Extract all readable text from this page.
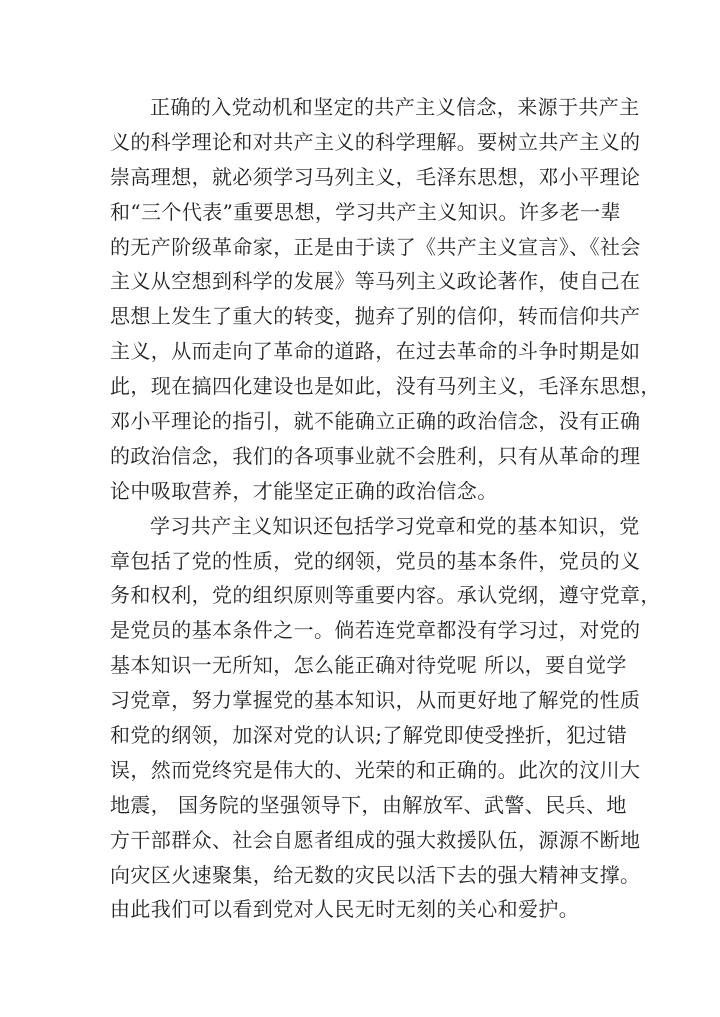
正确的入党动机和坚定的共产主义信念，来源于共产主
义的科学理论和对共产主义的科学理解。要树立共产主义的
崇高理想，就必须学习马列主义，毛泽东思想，邓小平理论
和“三个代表”重要思想，学习共产主义知识。许多老一辈
的无产阶级革命家，正是由于读了《共产主义宣言》、《社会
主义从空想到科学的发展》等马列主义政论著作，使自己在
思想上发生了重大的转变，抛弃了别的信仰，转而信仰共产
主义，从而走向了革命的道路，在过去革命的斗争时期是如
此，现在搞四化建设也是如此，没有马列主义，毛泽东思想，
邓小平理论的指引，就不能确立正确的政治信念，没有正确
的政治信念，我们的各项事业就不会胜利，只有从革命的理
论中吸取营养，才能坚定正确的政治信念。
学习共产主义知识还包括学习党章和党的基本知识，党
章包括了党的性质，党的纲领，党员的基本条件，党员的义
务和权利，党的组织原则等重要内容。承认党纲，遵守党章，
是党员的基本条件之一。倘若连党章都没有学习过，对党的
基本知识一无所知，怎么能正确对待党呢 所以，要自觉学
习党章，努力掌握党的基本知识，从而更好地了解党的性质
和党的纲领，加深对党的认识;了解党即使受挫折，犯过错
误，然而党终究是伟大的、光荣的和正确的。此次的汶川大
地震， 国务院的坚强领导下，由解放军、武警、民兵、地
方干部群众、社会自愿者组成的强大救援队伍，源源不断地
向灾区火速聚集，给无数的灾民以活下去的强大精神支撑。
由此我们可以看到党对人民无时无刻的关心和爱护。
